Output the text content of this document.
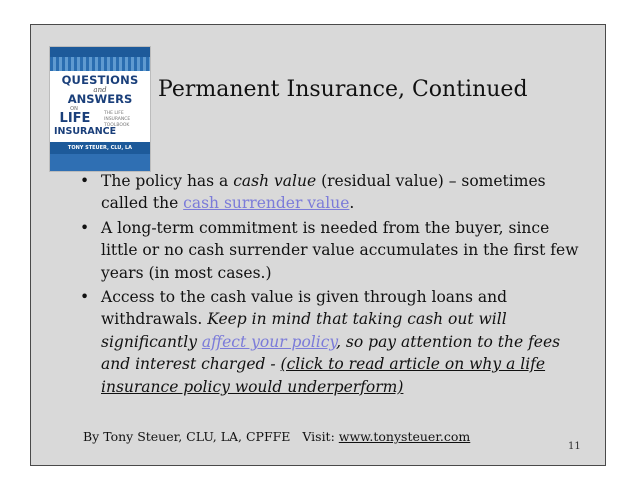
QUESTIONS
and
ANSWERS
ON
LIFE
INSURANCE
THE LIFE INSURANCE TOOLBOOK
TONY STEUER, CLU, LA
Permanent Insurance, Continued
• The policy has a cash value (residual value) – sometimes called the cash surrender value.
• A long-term commitment is needed from the buyer, since little or no cash surrender value accumulates in the first few years (in most cases.)
• Access to the cash value is given through loans and withdrawals. Keep in mind that taking cash out will significantly affect your policy, so pay attention to the fees and interest charged - (click to read article on why a life insurance policy would underperform)
By Tony Steuer, CLU, LA, CPFFE Visit: www.tonysteuer.com
11
